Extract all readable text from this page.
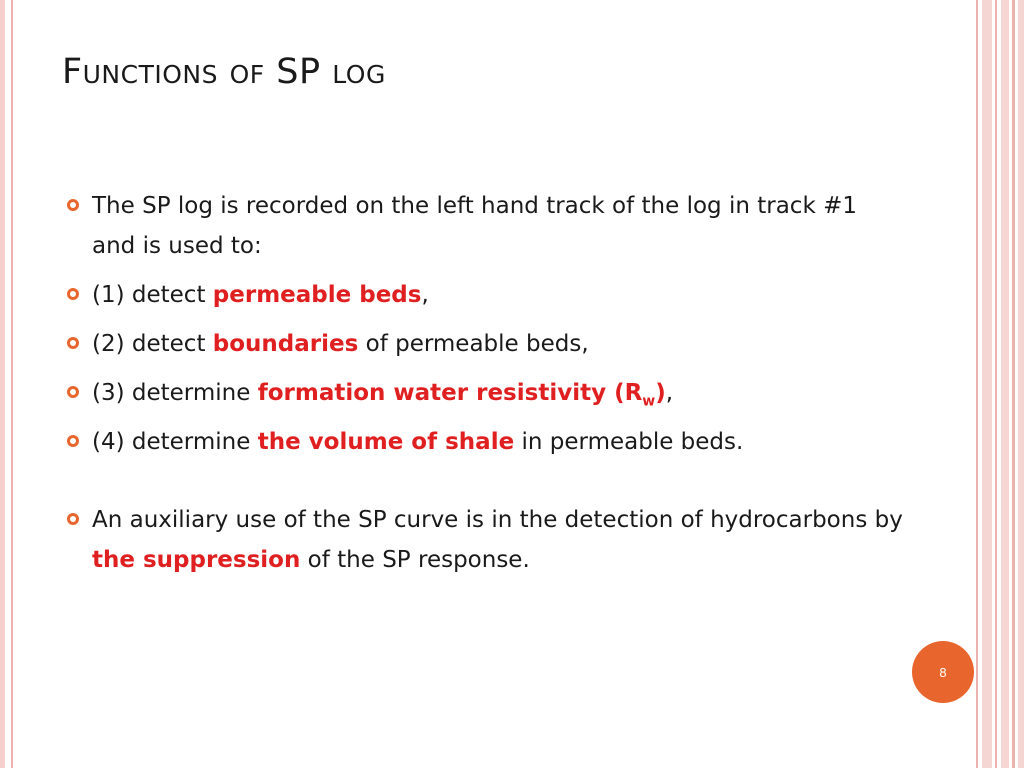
Functions of SP log

The SP log is recorded on the left hand track of the log in track #1 and is used to:

(1) detect permeable beds,

(2) detect boundaries of permeable beds,

(3) determine formation water resistivity $(R_w)$,

(4) determine the volume of shale in permeable beds.

An auxiliary use of the SP curve is in the detection of hydrocarbons by the suppression of the SP response.

8
